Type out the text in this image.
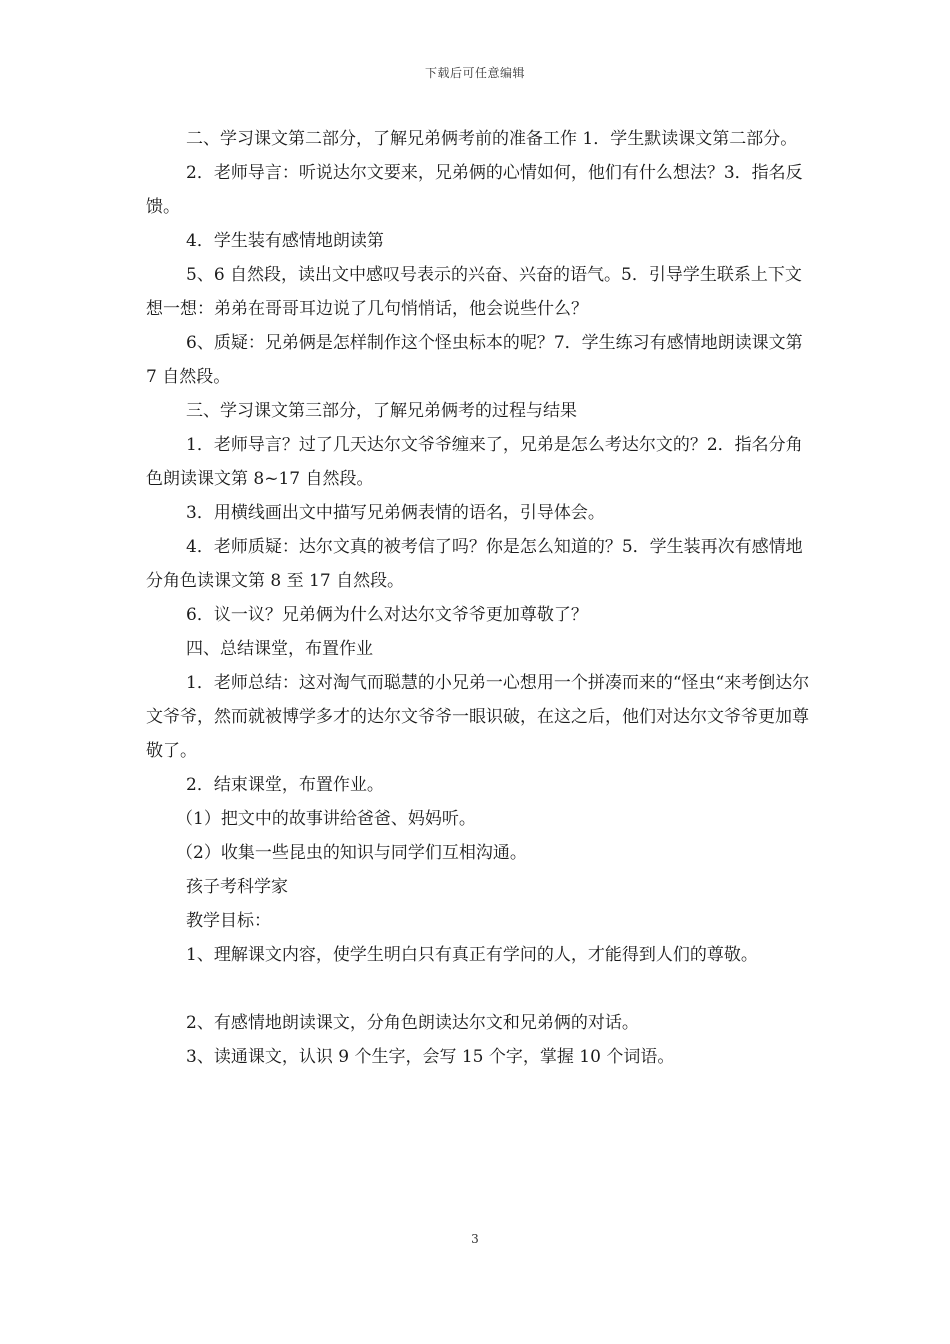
下载后可任意编辑

二、学习课文第二部分，了解兄弟俩考前的准备工作 1．学生默读课文第二部分。

2．老师导言：听说达尔文要来，兄弟俩的心情如何，他们有什么想法？3．指名反馈。

4．学生装有感情地朗读第

5、6 自然段，读出文中感叹号表示的兴奋、兴奋的语气。5．引导学生联系上下文想一想：弟弟在哥哥耳边说了几句悄悄话，他会说些什么？

6、质疑：兄弟俩是怎样制作这个怪虫标本的呢？7．学生练习有感情地朗读课文第 7 自然段。

三、学习课文第三部分，了解兄弟俩考的过程与结果

1．老师导言？过了几天达尔文爷爷缠来了，兄弟是怎么考达尔文的？2．指名分角色朗读课文第 8~17 自然段。

3．用横线画出文中描写兄弟俩表情的语名，引导体会。

4．老师质疑：达尔文真的被考信了吗？你是怎么知道的？5．学生装再次有感情地分角色读课文第 8 至 17 自然段。

6．议一议？兄弟俩为什么对达尔文爷爷更加尊敬了？

四、总结课堂，布置作业

1．老师总结：这对淘气而聪慧的小兄弟一心想用一个拼凑而来的“怪虫“来考倒达尔文爷爷，然而就被博学多才的达尔文爷爷一眼识破，在这之后，他们对达尔文爷爷更加尊敬了。

2．结束课堂，布置作业。

（1）把文中的故事讲给爸爸、妈妈听。

（2）收集一些昆虫的知识与同学们互相沟通。

孩子考科学家

教学目标：

1、理解课文内容，使学生明白只有真正有学问的人，才能得到人们的尊敬。

2、有感情地朗读课文，分角色朗读达尔文和兄弟俩的对话。

3、读通课文，认识 9 个生字，会写 15 个字，掌握 10 个词语。

3
